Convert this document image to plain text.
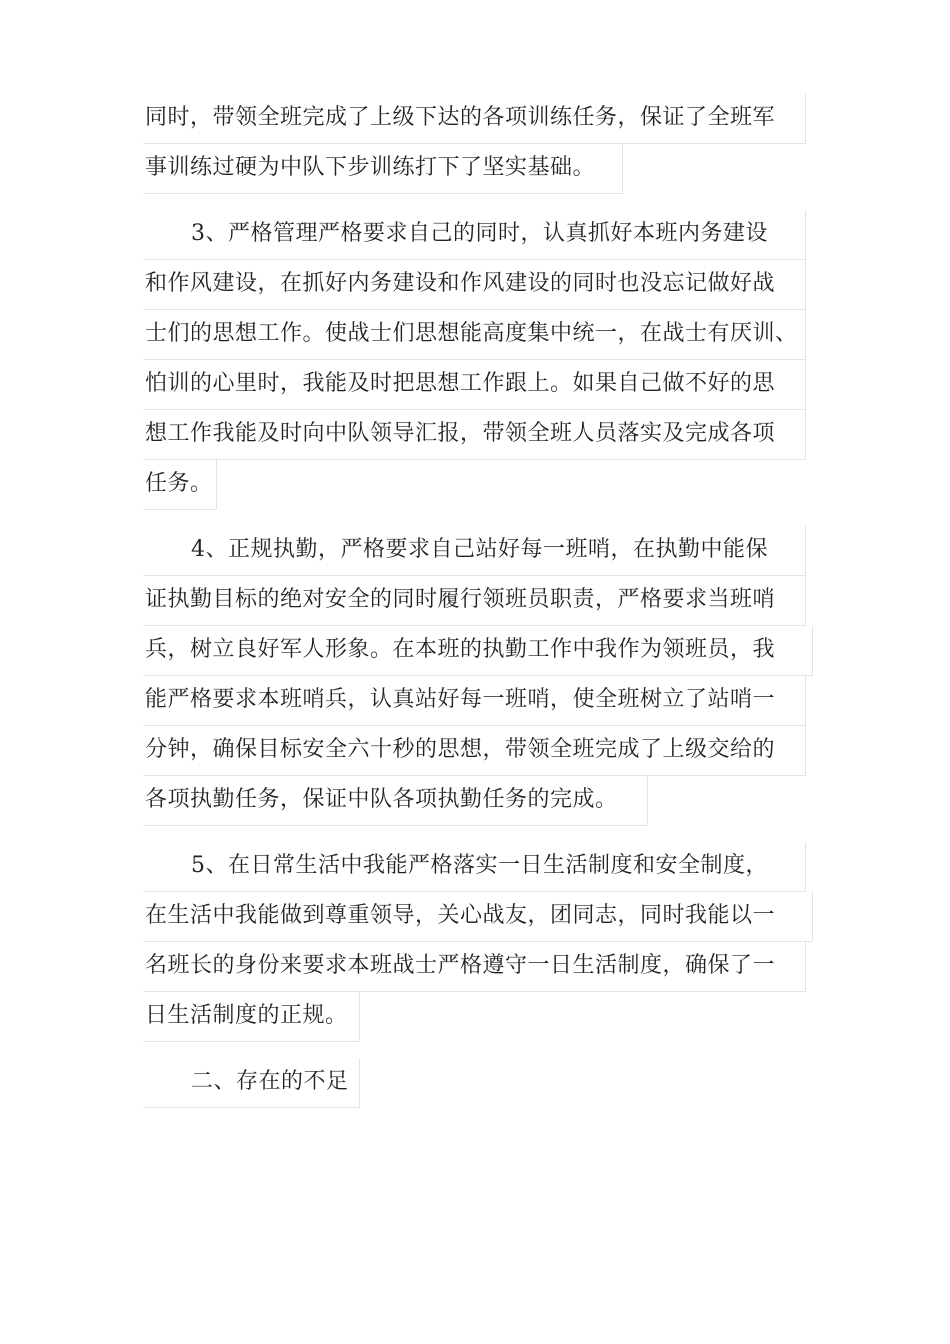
同时，带领全班完成了上级下达的各项训练任务，保证了全班军
事训练过硬为中队下步训练打下了坚实基础。
3、严格管理严格要求自己的同时，认真抓好本班内务建设
和作风建设，在抓好内务建设和作风建设的同时也没忘记做好战
士们的思想工作。使战士们思想能高度集中统一，在战士有厌训、
怕训的心里时，我能及时把思想工作跟上。如果自己做不好的思
想工作我能及时向中队领导汇报，带领全班人员落实及完成各项
任务。
4、正规执勤，严格要求自己站好每一班哨，在执勤中能保
证执勤目标的绝对安全的同时履行领班员职责，严格要求当班哨
兵，树立良好军人形象。在本班的执勤工作中我作为领班员，我
能严格要求本班哨兵，认真站好每一班哨，使全班树立了站哨一
分钟，确保目标安全六十秒的思想，带领全班完成了上级交给的
各项执勤任务，保证中队各项执勤任务的完成。
5、在日常生活中我能严格落实一日生活制度和安全制度，
在生活中我能做到尊重领导，关心战友，团同志，同时我能以一
名班长的身份来要求本班战士严格遵守一日生活制度，确保了一
日生活制度的正规。
二、存在的不足
